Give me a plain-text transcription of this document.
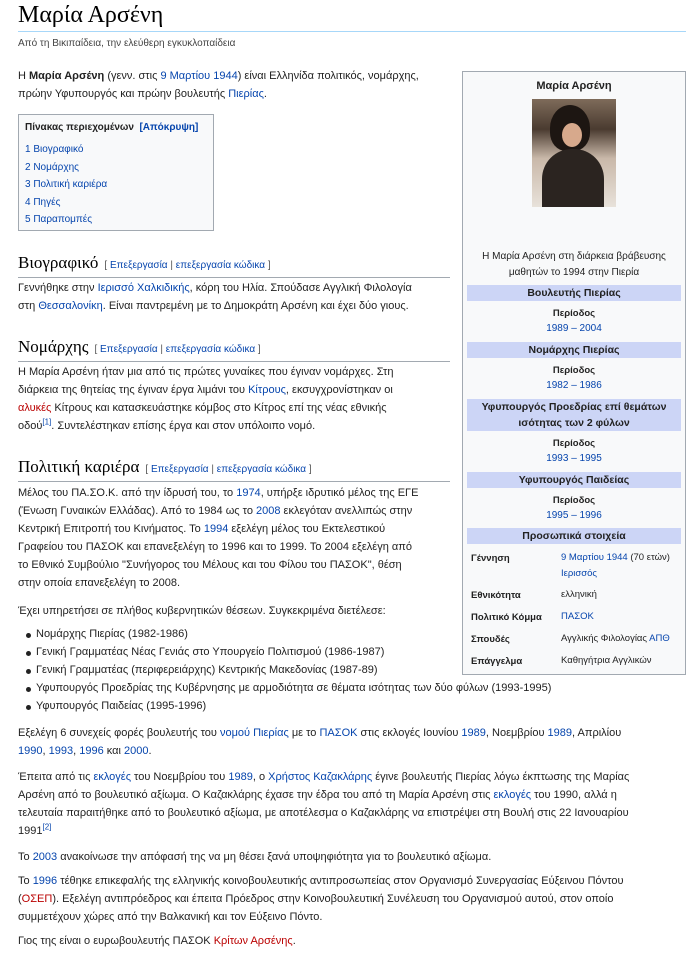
Μαρία Αρσένη
Από τη Βικιπαίδεια, την ελεύθερη εγκυκλοπαίδεια
Η Μαρία Αρσένη (γενν. στις 9 Μαρτίου 1944) είναι Ελληνίδα πολιτικός, νομάρχης,
πρώην Υφυπουργός και πρώην βουλευτής Πιερίας.
Πίνακας περιεχομένων [Απόκρυψη]
1 Βιογραφικό
2 Νομάρχης
3 Πολιτική καριέρα
4 Πηγές
5 Παραπομπές
Βιογραφικό [ Επεξεργασία | επεξεργασία κώδικα ]
Γεννήθηκε στην Ιερισσό Χαλκιδικής, κόρη του Ηλία. Σπούδασε Αγγλική Φιλολογία
στη Θεσσαλονίκη. Είναι παντρεμένη με το Δημοκράτη Αρσένη και έχει δύο γιους.
Νομάρχης [ Επεξεργασία | επεξεργασία κώδικα ]
Η Μαρία Αρσένη ήταν μια από τις πρώτες γυναίκες που έγιναν νομάρχες. Στη
διάρκεια της θητείας της έγιναν έργα λιμάνι του Κίτρους, εκσυγχρονίστηκαν οι
αλυκές Κίτρους και κατασκευάστηκε κόμβος στο Κίτρος επί της νέας εθνικής
οδού[1]. Συντελέστηκαν επίσης έργα και στον υπόλοιπο νομό.
Πολιτική καριέρα [ Επεξεργασία | επεξεργασία κώδικα ]
Μέλος του ΠΑ.ΣΟ.Κ. από την ίδρυσή του, το 1974, υπήρξε ιδρυτικό μέλος της ΕΓΕ
(Ένωση Γυναικών Ελλάδας). Από το 1984 ως το 2008 εκλεγόταν ανελλιπώς στην
Κεντρική Επιτροπή του Κινήματος. Το 1994 εξελέγη μέλος του Εκτελεστικού
Γραφείου του ΠΑΣΟΚ και επανεξελέγη το 1996 και το 1999. Το 2004 εξελέγη από
το Εθνικό Συμβούλιο "Συνήγορος του Μέλους και του Φίλου του ΠΑΣΟΚ", θέση
στην οποία επανεξελέγη το 2008.
Έχει υπηρετήσει σε πλήθος κυβερνητικών θέσεων. Συγκεκριμένα διετέλεσε:
Νομάρχης Πιερίας (1982-1986)
Γενική Γραμματέας Νέας Γενιάς στο Υπουργείο Πολιτισμού (1986-1987)
Γενική Γραμματέας (περιφερειάρχης) Κεντρικής Μακεδονίας (1987-89)
Υφυπουργός Προεδρίας της Κυβέρνησης με αρμοδιότητα σε θέματα ισότητας των δύο φύλων (1993-1995)
Υφυπουργός Παιδείας (1995-1996)
Εξελέγη 6 συνεχείς φορές βουλευτής του νομού Πιερίας με το ΠΑΣΟΚ στις εκλογές Ιουνίου 1989, Νοεμβρίου 1989, Απριλίου
1990, 1993, 1996 και 2000.
Έπειτα από τις εκλογές του Νοεμβρίου του 1989, ο Χρήστος Καζακλάρης έγινε βουλευτής Πιερίας λόγω έκπτωσης της Μαρίας
Αρσένη από το βουλευτικό αξίωμα. Ο Καζακλάρης έχασε την έδρα του από τη Μαρία Αρσένη στις εκλογές του 1990, αλλά η
τελευταία παραιτήθηκε από το βουλευτικό αξίωμα, με αποτέλεσμα ο Καζακλάρης να επιστρέψει στη Βουλή στις 22 Ιανουαρίου
1991[2]
Το 2003 ανακοίνωσε την απόφασή της να μη θέσει ξανά υποψηφιότητα για το βουλευτικό αξίωμα.
Το 1996 τέθηκε επικεφαλής της ελληνικής κοινοβουλευτικής αντιπροσωπείας στον Οργανισμό Συνεργασίας Εύξεινου Πόντου
(ΟΣΕΠ). Εξελέγη αντιπρόεδρος και έπειτα Πρόεδρος στην Κοινοβουλευτική Συνέλευση του Οργανισμού αυτού, στον οποίο
συμμετέχουν χώρες από την Βαλκανική και τον Εύξεινο Πόντο.
Γιος της είναι ο ευρωβουλευτής ΠΑΣΟΚ Κρίτων Αρσένης.
Μαρία Αρσένη
Η Μαρία Αρσένη στη διάρκεια βράβευσης
μαθητών το 1994 στην Πιερία
Βουλευτής Πιερίας
Περίοδος
1989 – 2004
Νομάρχης Πιερίας
Περίοδος
1982 – 1986
Υφυπουργός Προεδρίας επί θεμάτων ισότητας των 2 φύλων
Περίοδος
1993 – 1995
Υφυπουργός Παιδείας
Περίοδος
1995 – 1996
Προσωπικά στοιχεία
Γέννηση	9 Μαρτίου 1944 (70 ετών)
Ιερισσός
Εθνικότητα	ελληνική
Πολιτικό Κόμμα ΠΑΣΟΚ
Σπουδές	Αγγλικής Φιλολογίας ΑΠΘ
Επάγγελμα	Καθηγήτρια Αγγλικών
